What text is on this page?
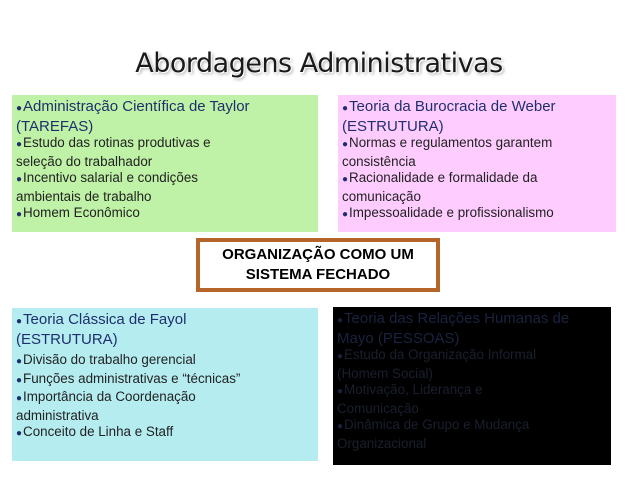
Abordagens Administrativas
●Administração Científica de Taylor
(TAREFAS)
●Estudo das rotinas produtivas e
seleção do trabalhador
●Incentivo salarial e condições
ambientais de trabalho
●Homem Econômico
●Teoria da Burocracia de Weber
(ESTRUTURA)
●Normas e regulamentos garantem
consistência
●Racionalidade e formalidade da
comunicação
●Impessoalidade e profissionalismo
ORGANIZAÇÃO COMO UM
SISTEMA FECHADO
●Teoria Clássica de Fayol
(ESTRUTURA)
●Divisão do trabalho gerencial
●Funções administrativas e “técnicas”
●Importância da Coordenação
administrativa
●Conceito de Linha e Staff
●Teoria das Relações Humanas de
Mayo (PESSOAS)
●Estudo da Organização Informal
(Homem Social)
●Motivação, Liderança e
Comunicação
●Dinâmica de Grupo e Mudança
Organizacional
